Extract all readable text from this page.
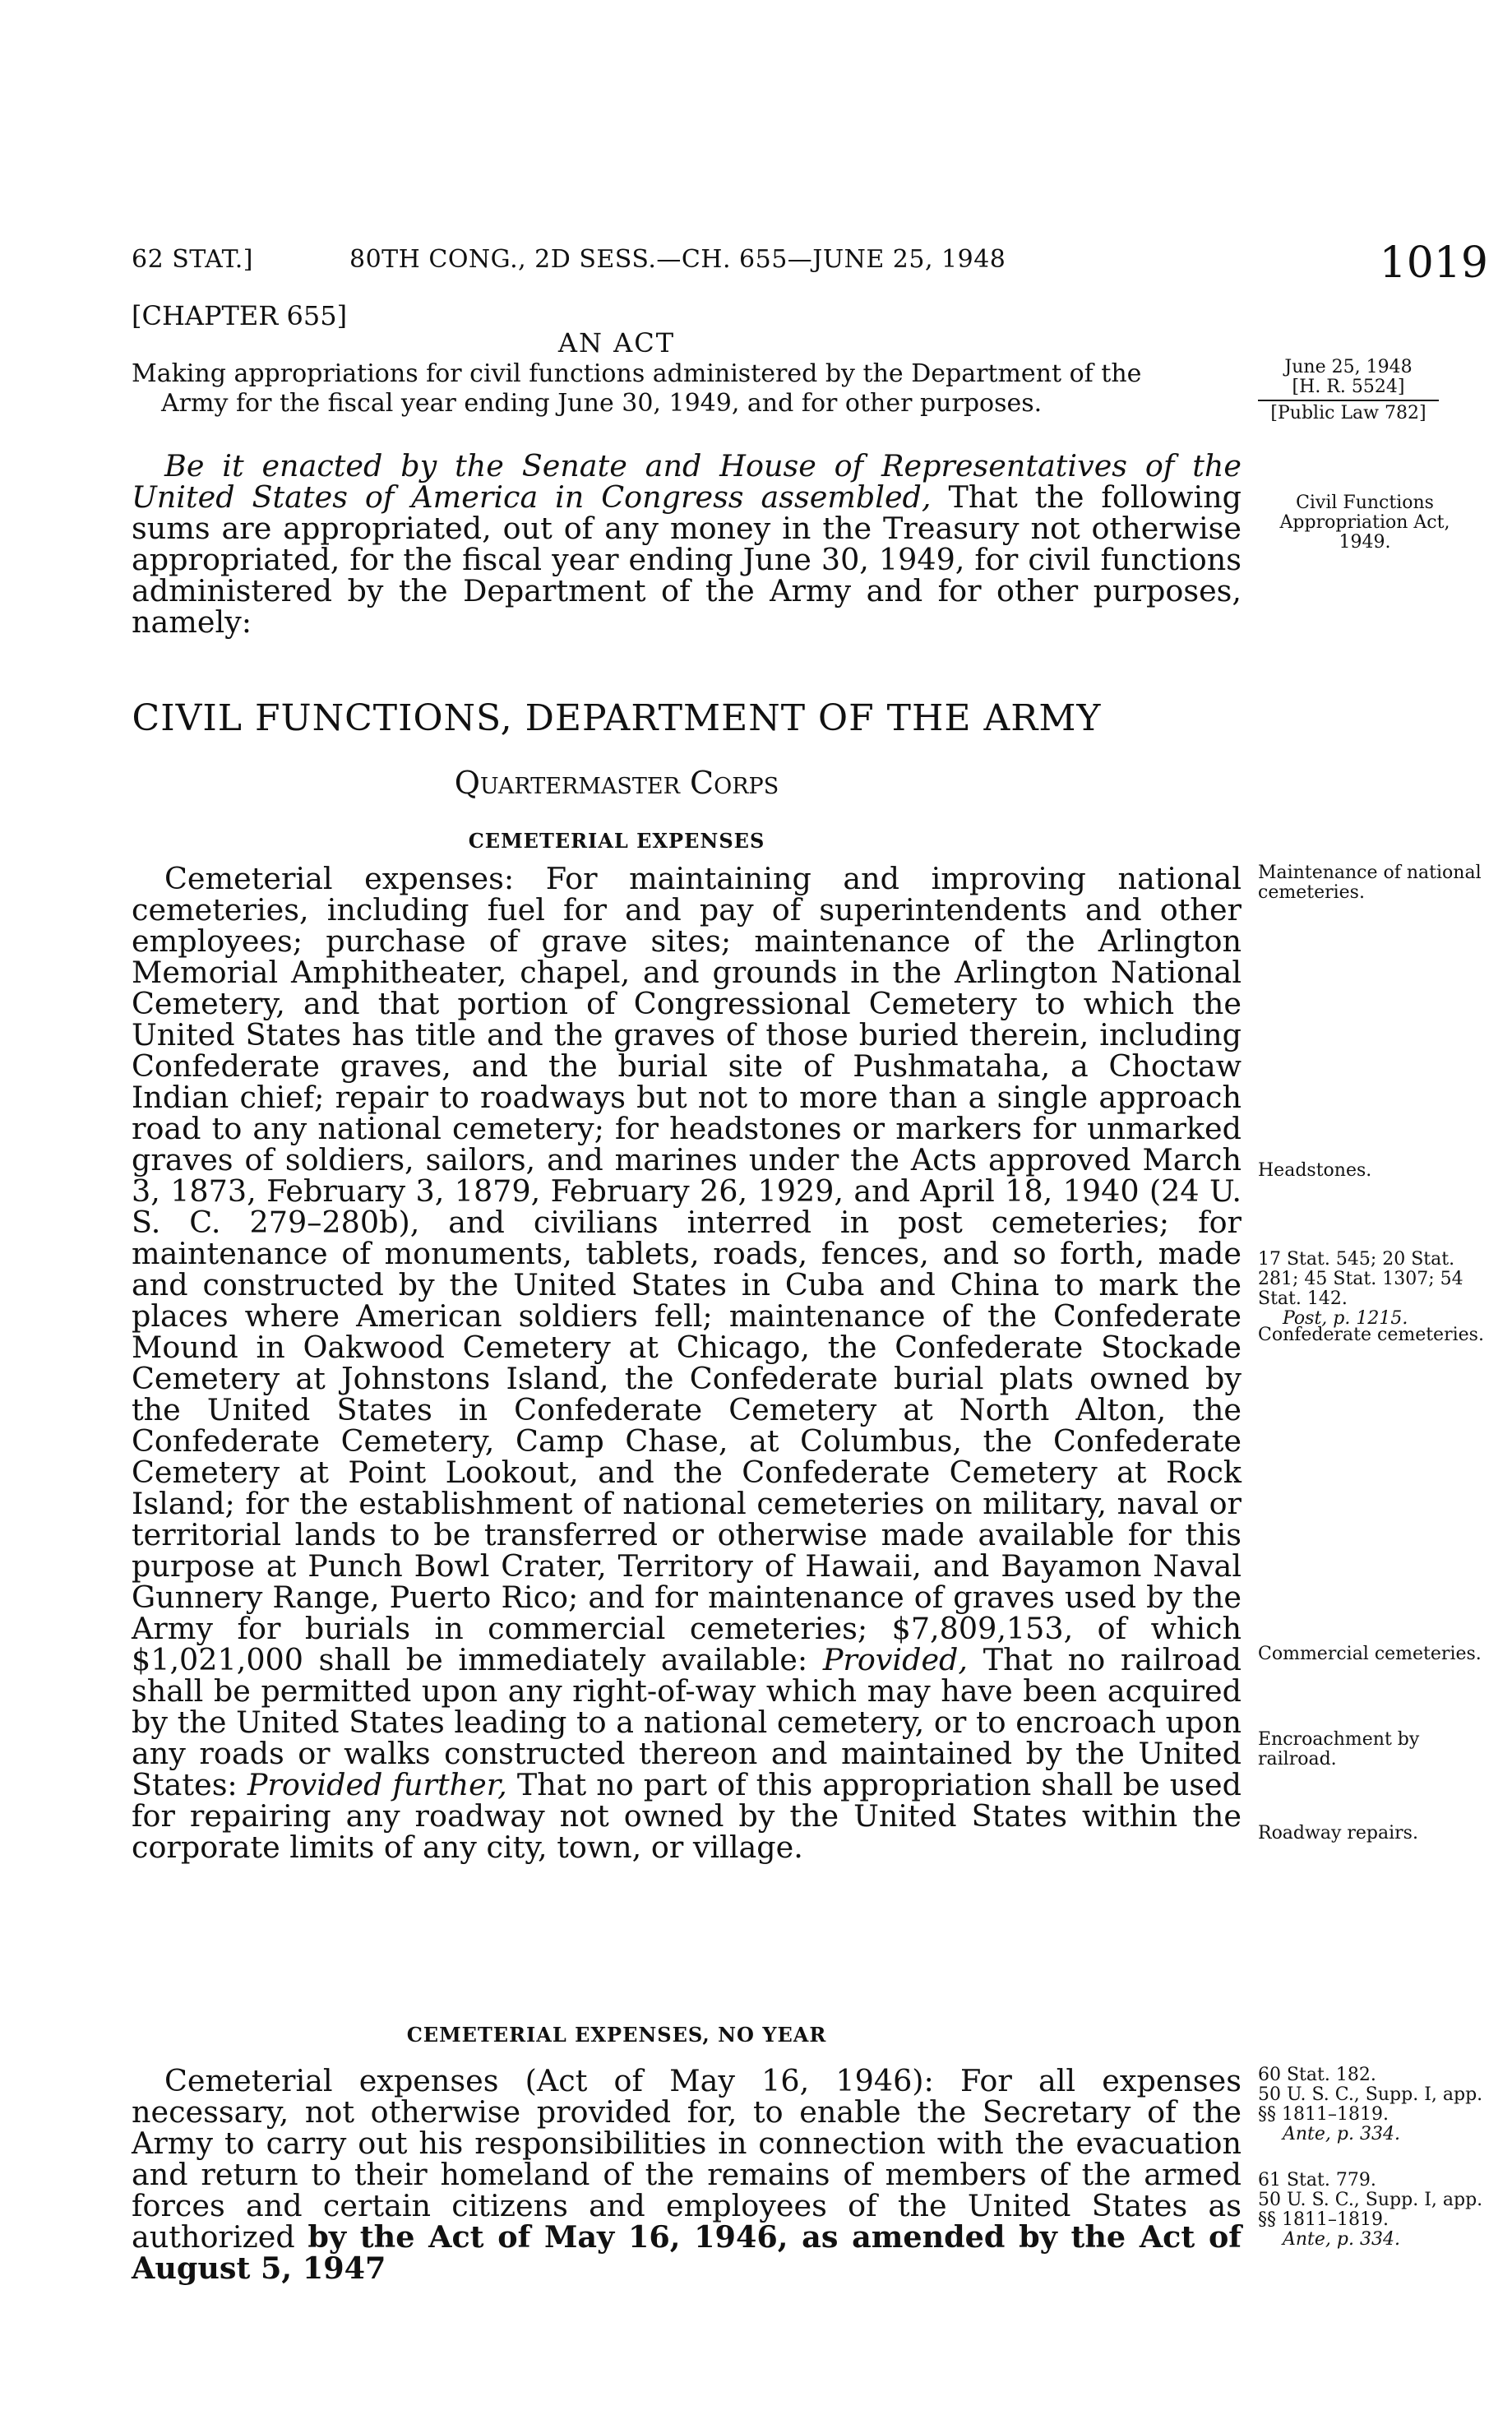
62 STAT.]	80TH CONG., 2D SESS.—CH. 655—JUNE 25, 1948	1019
[CHAPTER 655]
AN ACT
Making appropriations for civil functions administered by the Department of the
Army for the fiscal year ending June 30, 1949, and for other purposes.
June 25, 1948
[H. R. 5524]
[Public Law 782]
Civil Functions Appropriation Act, 1949.
Be it enacted by the Senate and House of Representatives of the United States of America in Congress assembled, That the following sums are appropriated, out of any money in the Treasury not otherwise appropriated, for the fiscal year ending June 30, 1949, for civil functions administered by the Department of the Army and for other purposes, namely:
CIVIL FUNCTIONS, DEPARTMENT OF THE ARMY
Quartermaster Corps
CEMETERIAL EXPENSES
Cemeterial expenses: For maintaining and improving national cemeteries, including fuel for and pay of superintendents and other employees; purchase of grave sites; maintenance of the Arlington Memorial Amphitheater, chapel, and grounds in the Arlington National Cemetery, and that portion of Congressional Cemetery to which the United States has title and the graves of those buried therein, including Confederate graves, and the burial site of Pushmataha, a Choctaw Indian chief; repair to roadways but not to more than a single approach road to any national cemetery; for headstones or markers for unmarked graves of soldiers, sailors, and marines under the Acts approved March 3, 1873, February 3, 1879, February 26, 1929, and April 18, 1940 (24 U. S. C. 279–280b), and civilians interred in post cemeteries; for maintenance of monuments, tablets, roads, fences, and so forth, made and constructed by the United States in Cuba and China to mark the places where American soldiers fell; maintenance of the Confederate Mound in Oakwood Cemetery at Chicago, the Confederate Stockade Cemetery at Johnstons Island, the Confederate burial plats owned by the United States in Confederate Cemetery at North Alton, the Confederate Cemetery, Camp Chase, at Columbus, the Confederate Cemetery at Point Lookout, and the Confederate Cemetery at Rock Island; for the establishment of national cemeteries on military, naval or territorial lands to be transferred or otherwise made available for this purpose at Punch Bowl Crater, Territory of Hawaii, and Bayamon Naval Gunnery Range, Puerto Rico; and for maintenance of graves used by the Army for burials in commercial cemeteries; $7,809,153, of which $1,021,000 shall be immediately available: Provided, That no railroad shall be permitted upon any right-of-way which may have been acquired by the United States leading to a national cemetery, or to encroach upon any roads or walks constructed thereon and maintained by the United States: Provided further, That no part of this appropriation shall be used for repairing any roadway not owned by the United States within the corporate limits of any city, town, or village.
Maintenance of national cemeteries.
Headstones.
17 Stat. 545; 20 Stat. 281; 45 Stat. 1307; 54 Stat. 142.
Post, p. 1215.
Confederate cemeteries.
Commercial cemeteries.
Encroachment by railroad.
Roadway repairs.
CEMETERIAL EXPENSES, NO YEAR
Cemeterial expenses (Act of May 16, 1946): For all expenses necessary, not otherwise provided for, to enable the Secretary of the Army to carry out his responsibilities in connection with the evacuation and return to their homeland of the remains of members of the armed forces and certain citizens and employees of the United States as authorized by the Act of May 16, 1946, as amended by the Act of August 5, 1947
60 Stat. 182.
50 U. S. C., Supp. I, app. §§ 1811–1819.
Ante, p. 334.
61 Stat. 779.
50 U. S. C., Supp. I, app. §§ 1811–1819.
Ante, p. 334.
